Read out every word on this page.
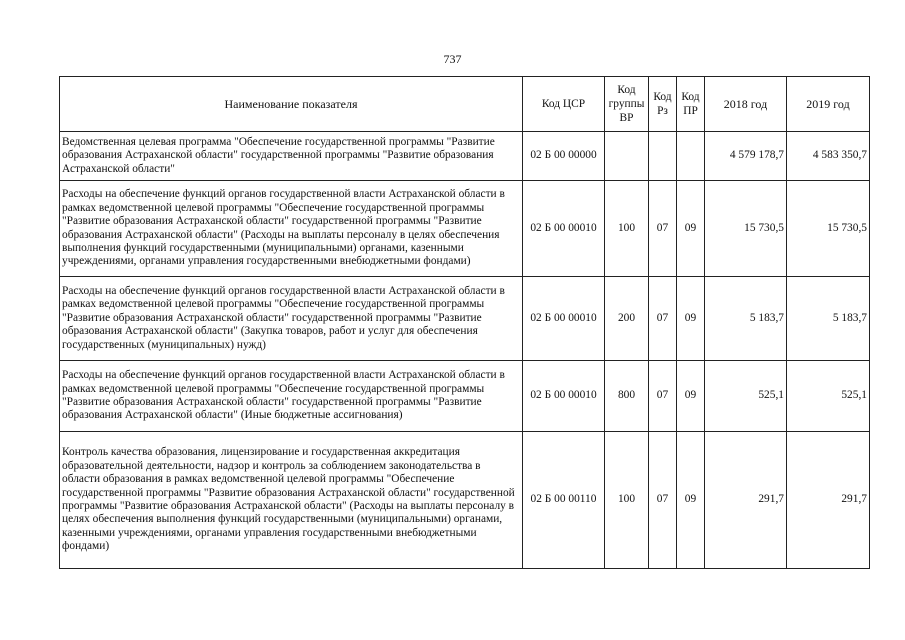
737
Наименование показателя	Код ЦСР	Код группы ВР	Код Рз	Код ПР	2018 год	2019 год
Ведомственная целевая программа "Обеспечение государственной программы "Развитие образования Астраханской области" государственной программы "Развитие образования Астраханской области"	02 Б 00 00000				4 579 178,7	4 583 350,7
Расходы на обеспечение функций органов государственной власти Астраханской области в рамках ведомственной целевой программы "Обеспечение государственной программы "Развитие образования Астраханской области" государственной программы "Развитие образования Астраханской области" (Расходы на выплаты персоналу в целях обеспечения выполнения функций государственными (муниципальными) органами, казенными учреждениями, органами управления государственными внебюджетными фондами)	02 Б 00 00010	100	07	09	15 730,5	15 730,5
Расходы на обеспечение функций органов государственной власти Астраханской области в рамках ведомственной целевой программы "Обеспечение государственной программы "Развитие образования Астраханской области" государственной программы "Развитие образования Астраханской области" (Закупка товаров, работ и услуг для обеспечения государственных (муниципальных) нужд)	02 Б 00 00010	200	07	09	5 183,7	5 183,7
Расходы на обеспечение функций органов государственной власти Астраханской области в рамках ведомственной целевой программы "Обеспечение государственной программы "Развитие образования Астраханской области" государственной программы "Развитие образования Астраханской области" (Иные бюджетные ассигнования)	02 Б 00 00010	800	07	09	525,1	525,1
Контроль качества образования, лицензирование и государственная аккредитация образовательной деятельности, надзор и контроль за соблюдением законодательства в области образования в рамках ведомственной целевой программы "Обеспечение государственной программы "Развитие образования Астраханской области" государственной программы "Развитие образования Астраханской области" (Расходы на выплаты персоналу в целях обеспечения выполнения функций государственными (муниципальными) органами, казенными учреждениями, органами управления государственными внебюджетными фондами)	02 Б 00 00110	100	07	09	291,7	291,7
